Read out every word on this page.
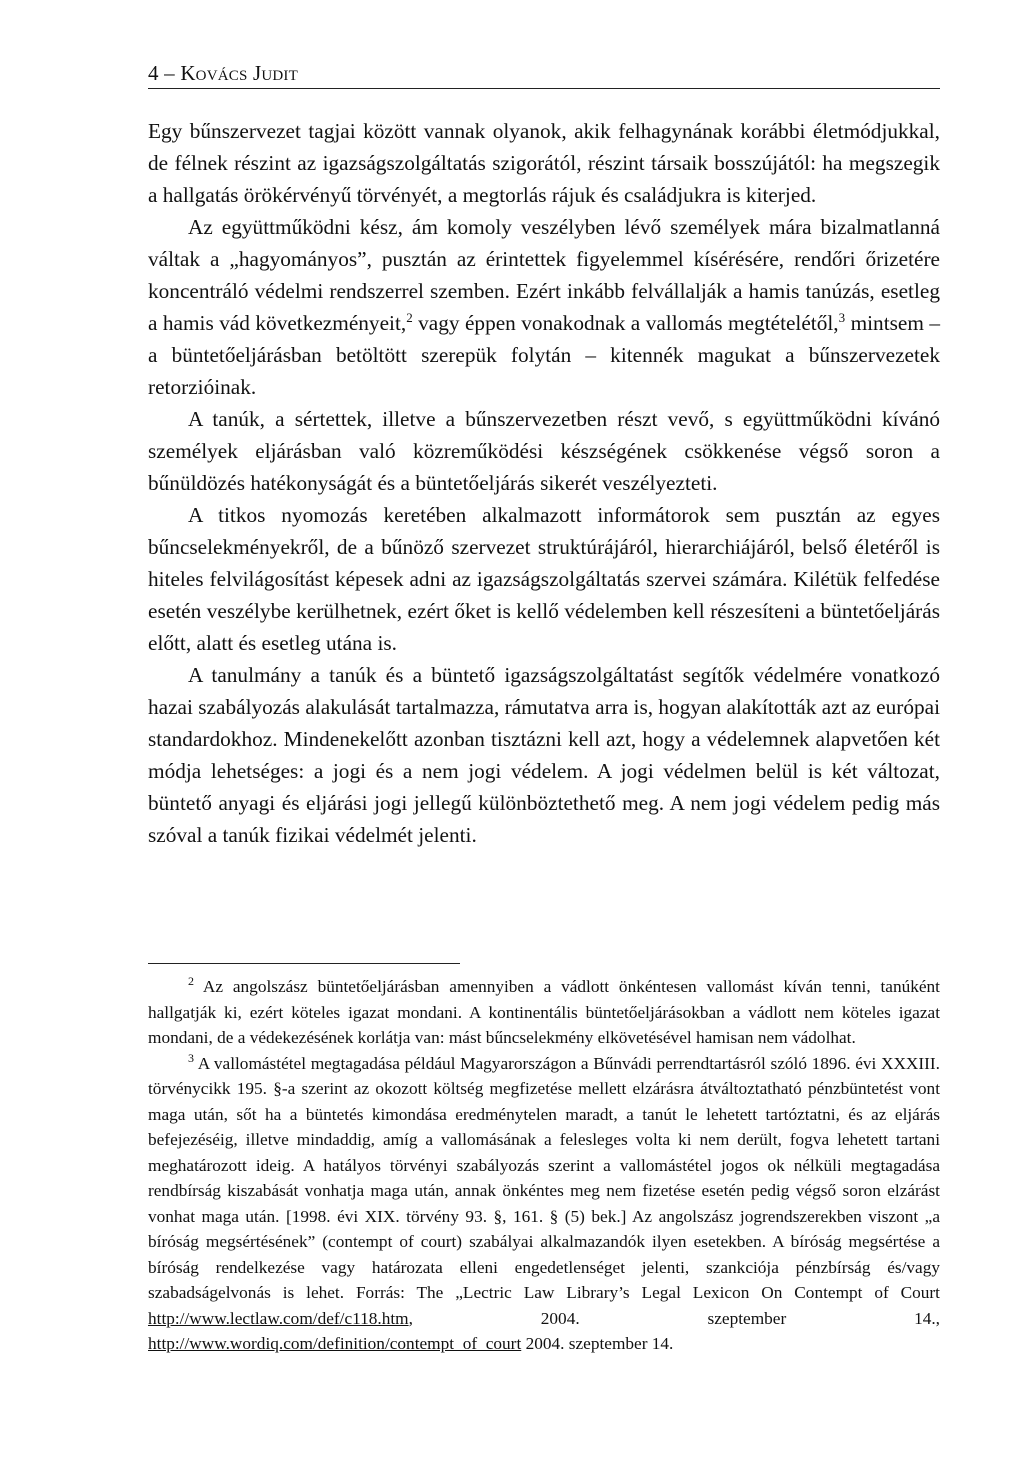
4 – Kovács Judit

Egy bűnszervezet tagjai között vannak olyanok, akik felhagynának korábbi életmódjukkal, de félnek részint az igazságszolgáltatás szigorától, részint társaik bosszújától: ha megszegik a hallgatás örökérvényű törvényét, a megtorlás rájuk és családjukra is kiterjed.

Az együttműködni kész, ám komoly veszélyben lévő személyek mára bizalmatlanná váltak a „hagyományos”, pusztán az érintettek figyelemmel kísérésére, rendőri őrizetére koncentráló védelmi rendszerrel szemben. Ezért inkább felvállalják a hamis tanúzás, esetleg a hamis vád következményeit,$^2$ vagy éppen vonakodnak a vallomás megtételétől,$^3$ mintsem – a büntetőeljárásban betöltött szerepük folytán – kitennék magukat a bűnszervezetek retorzióinak.

A tanúk, a sértettek, illetve a bűnszervezetben részt vevő, s együttműködni kívánó személyek eljárásban való közreműködési készségének csökkenése végső soron a bűnüldözés hatékonyságát és a büntetőeljárás sikerét veszélyezteti.

A titkos nyomozás keretében alkalmazott informátorok sem pusztán az egyes bűncselekményekről, de a bűnöző szervezet struktúrájáról, hierarchiájáról, belső életéről is hiteles felvilágosítást képesek adni az igazságszolgáltatás szervei számára. Kilétük felfedése esetén veszélybe kerülhetnek, ezért őket is kellő védelemben kell részesíteni a büntetőeljárás előtt, alatt és esetleg utána is.

A tanulmány a tanúk és a büntető igazságszolgáltatást segítők védelmére vonatkozó hazai szabályozás alakulását tartalmazza, rámutatva arra is, hogyan alakították azt az európai standardokhoz. Mindenekelőtt azonban tisztázni kell azt, hogy a védelemnek alapvetően két módja lehetséges: a jogi és a nem jogi védelem. A jogi védelmen belül is két változat, büntető anyagi és eljárási jogi jellegű különböztethető meg. A nem jogi védelem pedig más szóval a tanúk fizikai védelmét jelenti.

$^2$ Az angolszász büntetőeljárásban amennyiben a vádlott önkéntesen vallomást kíván tenni, tanúként hallgatják ki, ezért köteles igazat mondani. A kontinentális büntetőeljárásokban a vádlott nem köteles igazat mondani, de a védekezésének korlátja van: mást bűncselekmény elkövetésével hamisan nem vádolhat.

$^3$ A vallomástétel megtagadása például Magyarországon a Bűnvádi perrendtartásról szóló 1896. évi XXXIII. törvénycikk 195. §-a szerint az okozott költség megfizetése mellett elzárásra átváltoztatható pénzbüntetést vont maga után, sőt ha a büntetés kimondása eredménytelen maradt, a tanút le lehetett tartóztatni, és az eljárás befejezéséig, illetve mindaddig, amíg a vallomásának a felesleges volta ki nem derült, fogva lehetett tartani meghatározott ideig. A hatályos törvényi szabályozás szerint a vallomástétel jogos ok nélküli megtagadása rendbírság kiszabását vonhatja maga után, annak önkéntes meg nem fizetése esetén pedig végső soron elzárást vonhat maga után. [1998. évi XIX. törvény 93. §, 161. § (5) bek.] Az angolszász jogrendszerekben viszont „a bíróság megsértésének” (contempt of court) szabályai alkalmazandók ilyen esetekben. A bíróság megsértése a bíróság rendelkezése vagy határozata elleni engedetlenséget jelenti, szankciója pénzbírság és/vagy szabadságelvonás is lehet. Forrás: The „Lectric Law Library’s Legal Lexicon On Contempt of Court http://www.lectlaw.com/def/c118.htm, 2004. szeptember 14., http://www.wordiq.com/definition/contempt_of_court 2004. szeptember 14.
